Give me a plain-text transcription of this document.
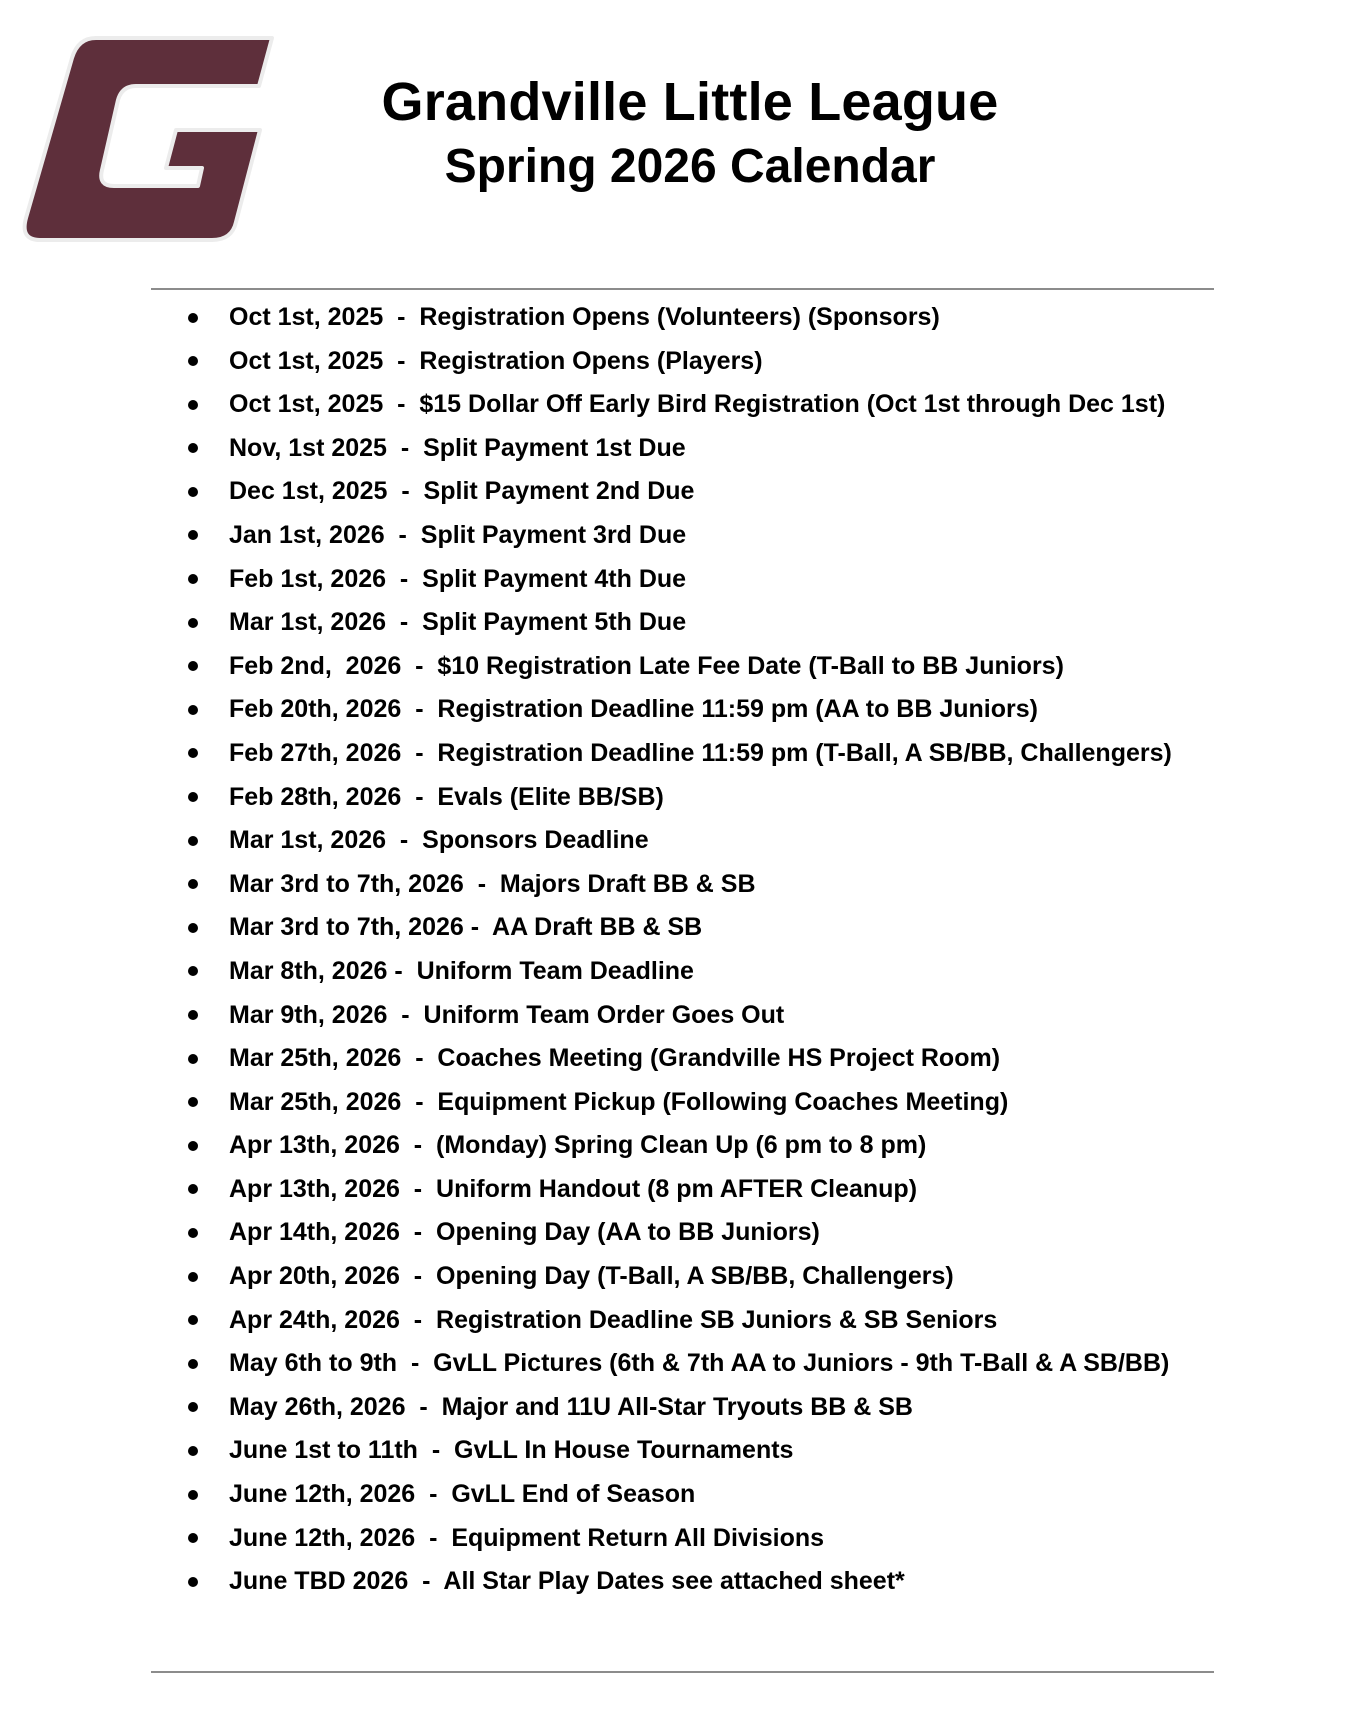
Grandville Little League
Spring 2026 Calendar
Oct 1st, 2025  -  Registration Opens (Volunteers) (Sponsors)
Oct 1st, 2025  -  Registration Opens (Players)
Oct 1st, 2025  -  $15 Dollar Off Early Bird Registration (Oct 1st through Dec 1st)
Nov, 1st 2025  -  Split Payment 1st Due
Dec 1st, 2025  -  Split Payment 2nd Due
Jan 1st, 2026  -  Split Payment 3rd Due
Feb 1st, 2026  -  Split Payment 4th Due
Mar 1st, 2026  -  Split Payment 5th Due
Feb 2nd,  2026  -  $10 Registration Late Fee Date (T-Ball to BB Juniors)
Feb 20th, 2026  -  Registration Deadline 11:59 pm (AA to BB Juniors)
Feb 27th, 2026  -  Registration Deadline 11:59 pm (T-Ball, A SB/BB, Challengers)
Feb 28th, 2026  -  Evals (Elite BB/SB)
Mar 1st, 2026  -  Sponsors Deadline
Mar 3rd to 7th, 2026  -  Majors Draft BB & SB
Mar 3rd to 7th, 2026 -  AA Draft BB & SB
Mar 8th, 2026 -  Uniform Team Deadline
Mar 9th, 2026  -  Uniform Team Order Goes Out
Mar 25th, 2026  -  Coaches Meeting (Grandville HS Project Room)
Mar 25th, 2026  -  Equipment Pickup (Following Coaches Meeting)
Apr 13th, 2026  -  (Monday) Spring Clean Up (6 pm to 8 pm)
Apr 13th, 2026  -  Uniform Handout (8 pm AFTER Cleanup)
Apr 14th, 2026  -  Opening Day (AA to BB Juniors)
Apr 20th, 2026  -  Opening Day (T-Ball, A SB/BB, Challengers)
Apr 24th, 2026  -  Registration Deadline SB Juniors & SB Seniors
May 6th to 9th  -  GvLL Pictures (6th & 7th AA to Juniors - 9th T-Ball & A SB/BB)
May 26th, 2026  -  Major and 11U All-Star Tryouts BB & SB
June 1st to 11th  -  GvLL In House Tournaments
June 12th, 2026  -  GvLL End of Season
June 12th, 2026  -  Equipment Return All Divisions
June TBD 2026  -  All Star Play Dates see attached sheet*
